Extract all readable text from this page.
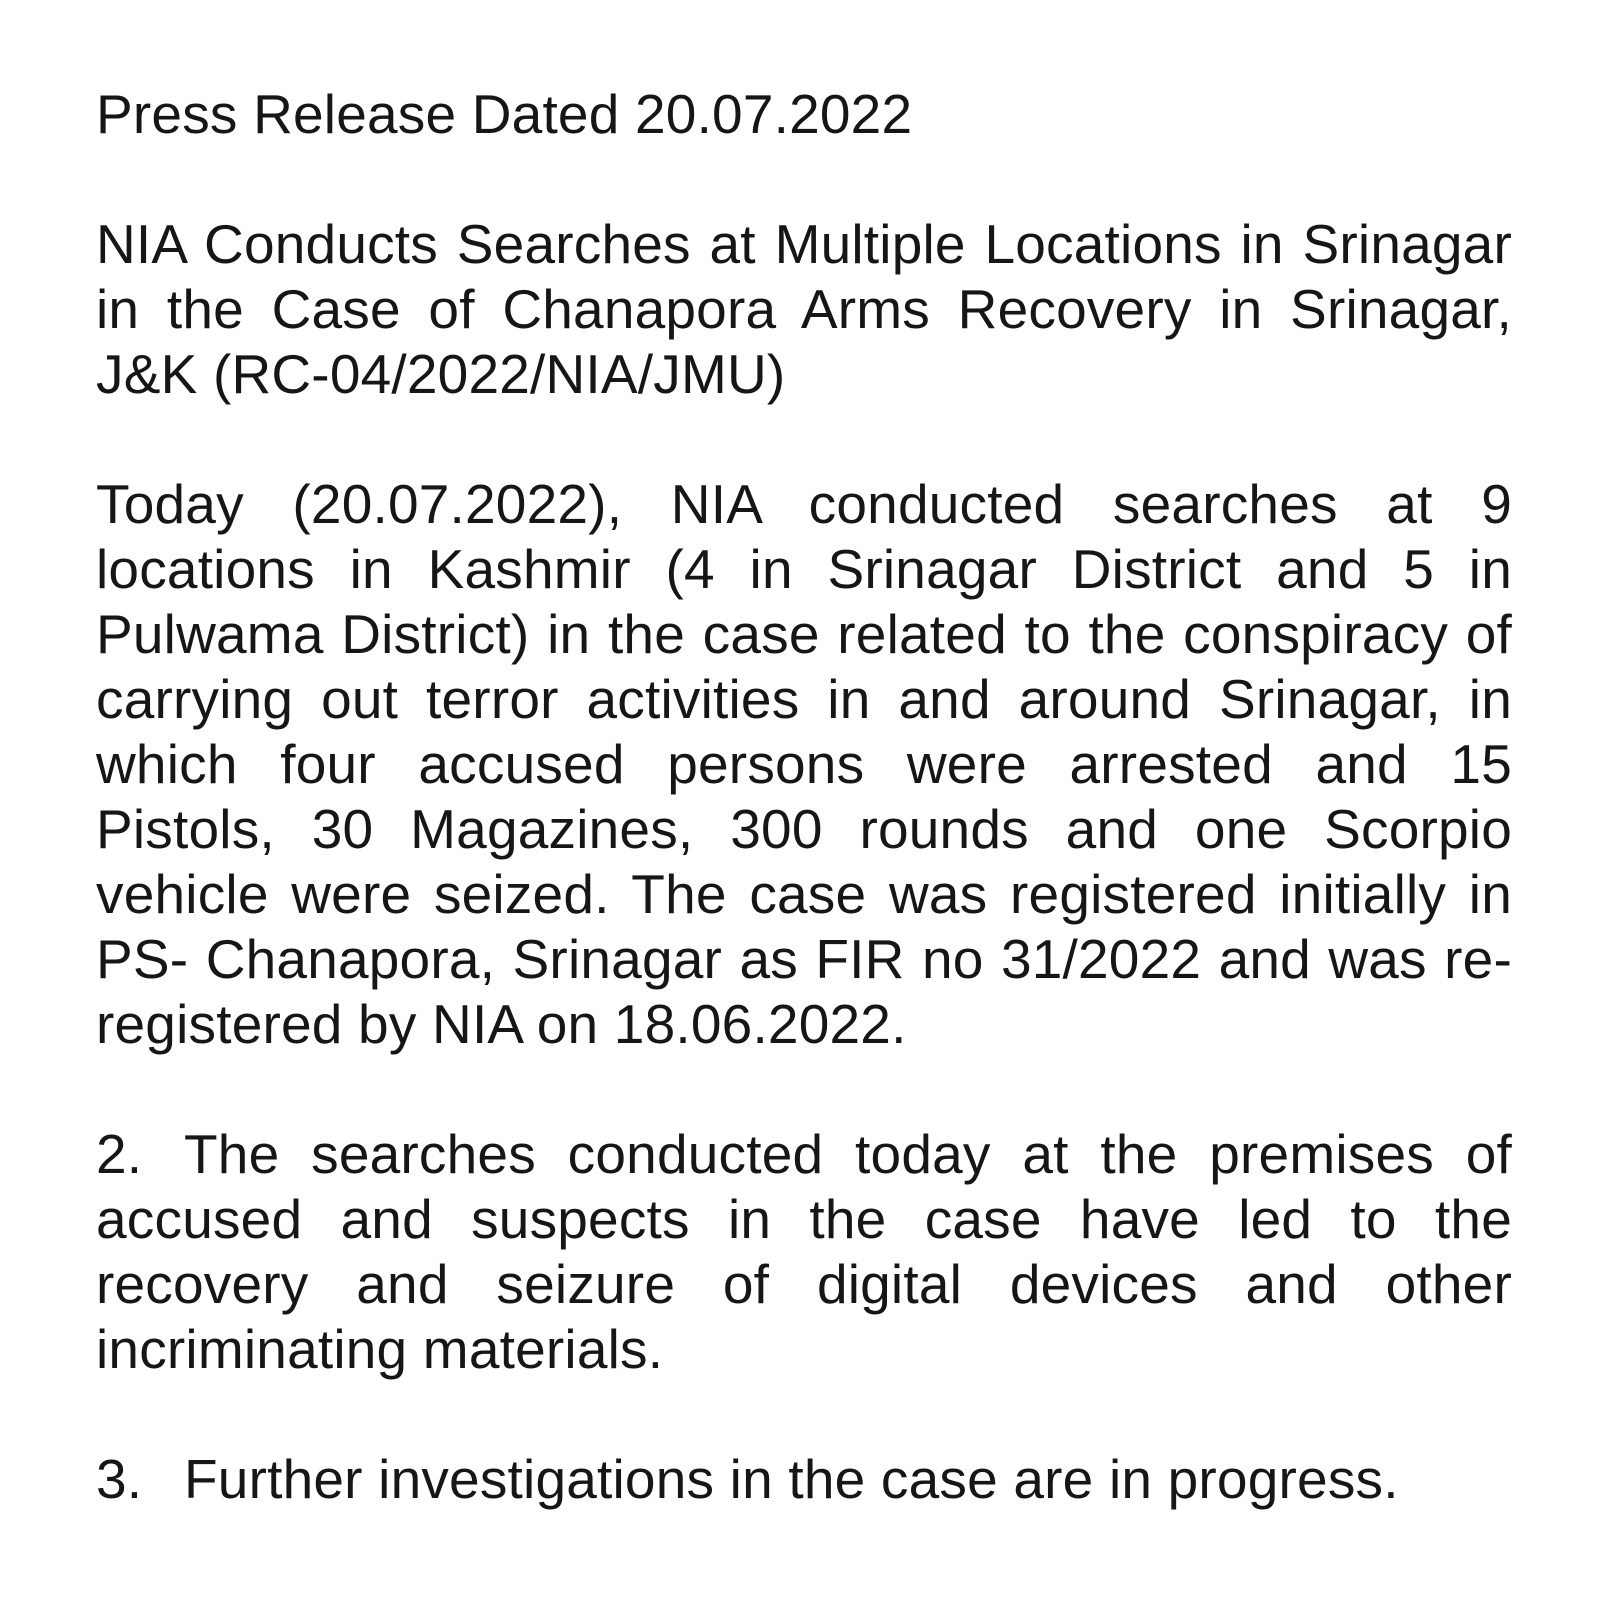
Press Release Dated 20.07.2022

NIA Conducts Searches at Multiple Locations in Srinagar in the Case of Chanapora Arms Recovery in Srinagar, J&K (RC-04/2022/NIA/JMU)

Today (20.07.2022), NIA conducted searches at 9 locations in Kashmir (4 in Srinagar District and 5 in Pulwama District) in the case related to the conspiracy of carrying out terror activities in and around Srinagar, in which four accused persons were arrested and 15 Pistols, 30 Magazines, 300 rounds and one Scorpio vehicle were seized. The case was registered initially in PS- Chanapora, Srinagar as FIR no 31/2022 and was re-registered by NIA on 18.06.2022.

2. The searches conducted today at the premises of accused and suspects in the case have led to the recovery and seizure of digital devices and other incriminating materials.

3. Further investigations in the case are in progress.
